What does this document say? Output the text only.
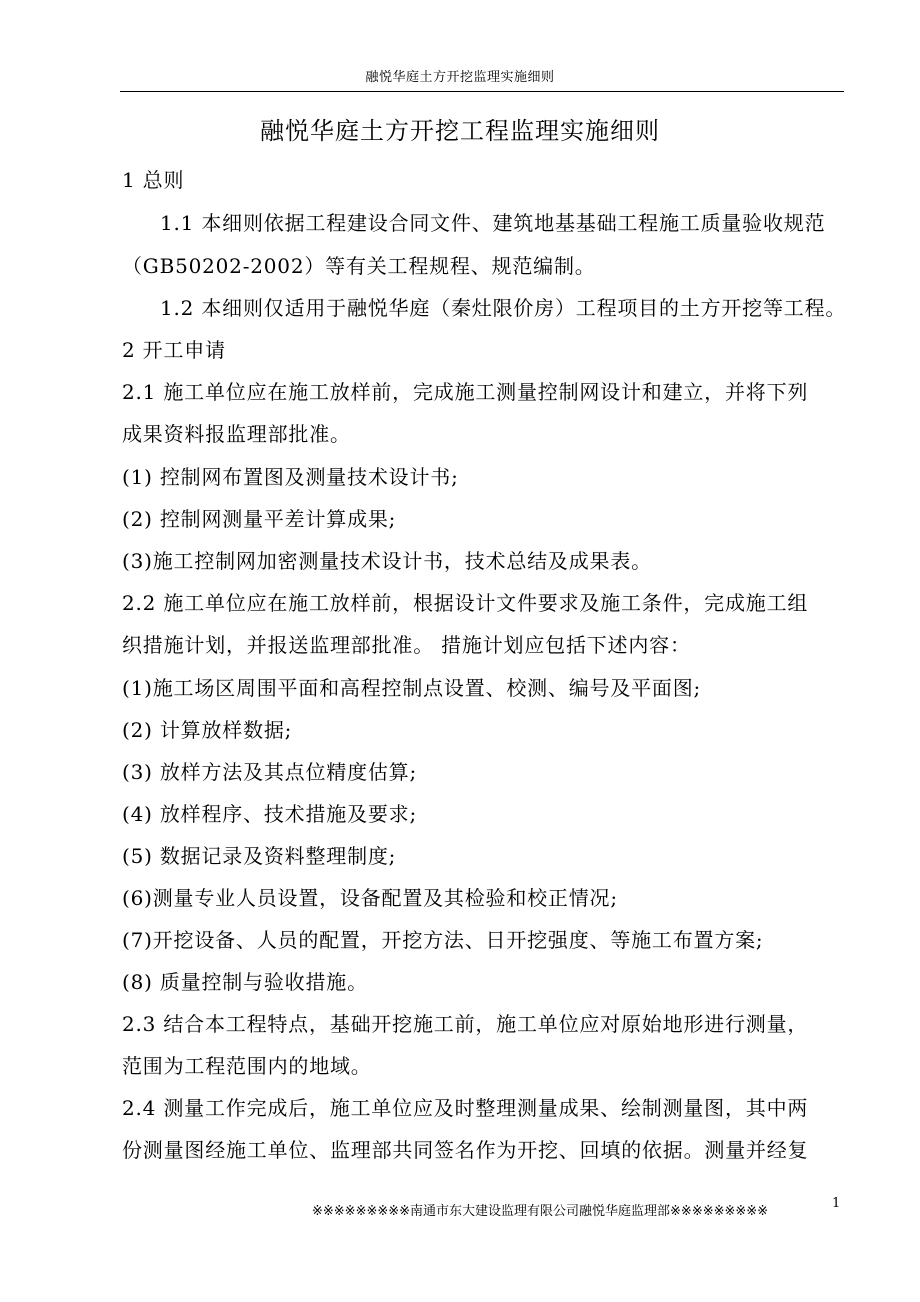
融悦华庭土方开挖监理实施细则
融悦华庭土方开挖工程监理实施细则
1 总则
1.1 本细则依据工程建设合同文件、建筑地基基础工程施工质量验收规范
（GB50202-2002）等有关工程规程、规范编制。
1.2 本细则仅适用于融悦华庭（秦灶限价房）工程项目的土方开挖等工程。
2 开工申请
2.1 施工单位应在施工放样前，完成施工测量控制网设计和建立，并将下列
成果资料报监理部批准。
(1) 控制网布置图及测量技术设计书;
(2) 控制网测量平差计算成果;
(3)施工控制网加密测量技术设计书，技术总结及成果表。
2.2 施工单位应在施工放样前，根据设计文件要求及施工条件，完成施工组
织措施计划，并报送监理部批准。 措施计划应包括下述内容：
(1)施工场区周围平面和高程控制点设置、校测、编号及平面图;
(2) 计算放样数据;
(3) 放样方法及其点位精度估算;
(4) 放样程序、技术措施及要求;
(5) 数据记录及资料整理制度;
(6)测量专业人员设置，设备配置及其检验和校正情况;
(7)开挖设备、人员的配置，开挖方法、日开挖强度、等施工布置方案;
(8) 质量控制与验收措施。
2.3 结合本工程特点，基础开挖施工前，施工单位应对原始地形进行测量，
范围为工程范围内的地域。
2.4 测量工作完成后，施工单位应及时整理测量成果、绘制测量图，其中两
份测量图经施工单位、监理部共同签名作为开挖、回填的依据。测量并经复
※※※※※※※※※南通市东大建设监理有限公司融悦华庭监理部※※※※※※※※※
1
